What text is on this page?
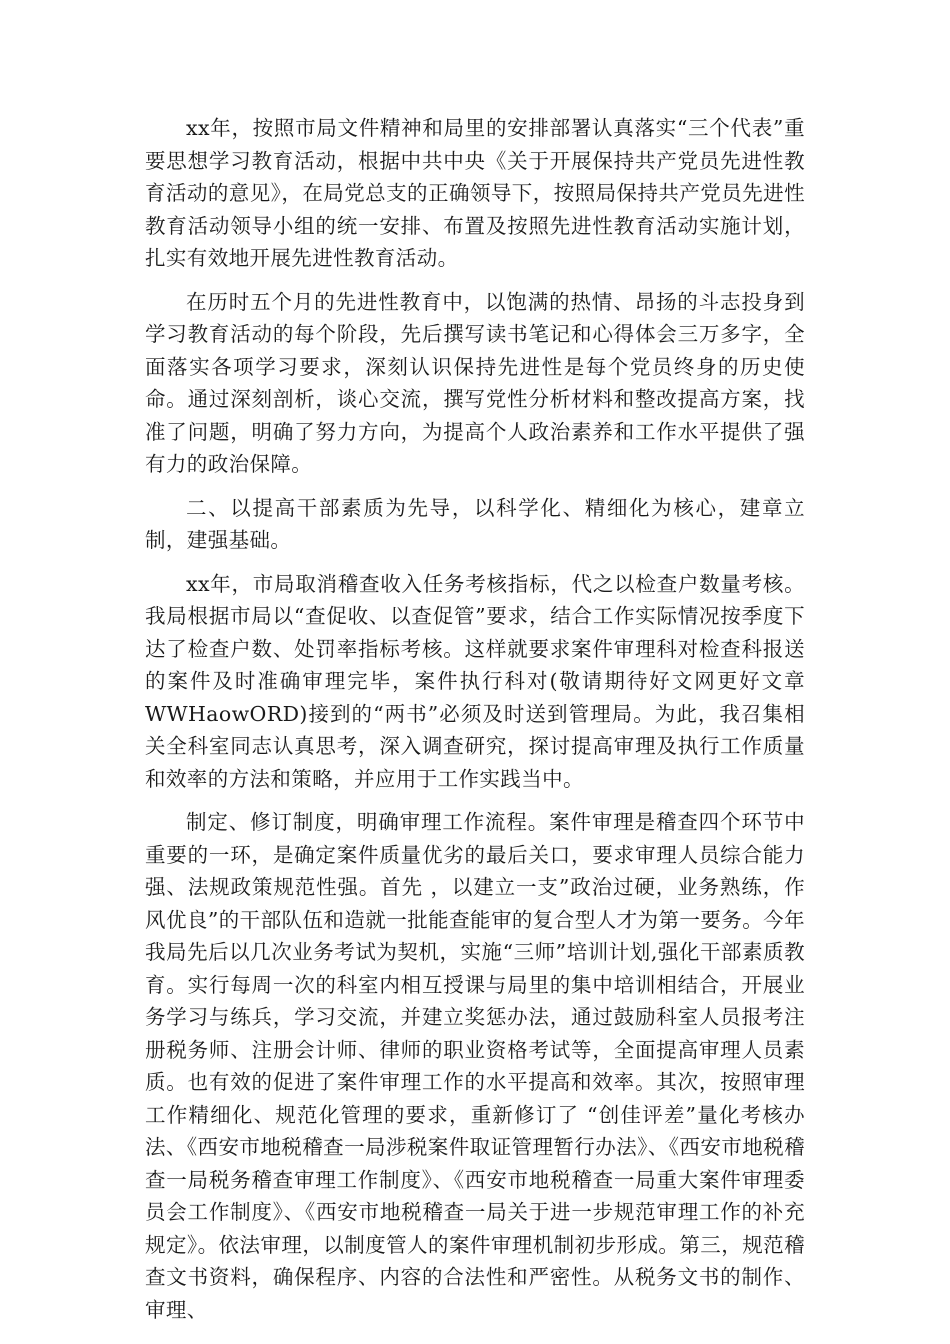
xx年，按照市局文件精神和局里的安排部署认真落实“三个代表”重要思想学习教育活动，根据中共中央《关于开展保持共产党员先进性教育活动的意见》，在局党总支的正确领导下，按照局保持共产党员先进性教育活动领导小组的统一安排、布置及按照先进性教育活动实施计划，扎实有效地开展先进性教育活动。

在历时五个月的先进性教育中，以饱满的热情、昂扬的斗志投身到学习教育活动的每个阶段，先后撰写读书笔记和心得体会三万多字，全面落实各项学习要求，深刻认识保持先进性是每个党员终身的历史使命。通过深刻剖析，谈心交流，撰写党性分析材料和整改提高方案，找准了问题，明确了努力方向，为提高个人政治素养和工作水平提供了强有力的政治保障。

二、以提高干部素质为先导，以科学化、精细化为核心，建章立制，建强基础。

xx年，市局取消稽查收入任务考核指标，代之以检查户数量考核。我局根据市局以“查促收、以查促管”要求，结合工作实际情况按季度下达了检查户数、处罚率指标考核。这样就要求案件审理科对检查科报送的案件及时准确审理完毕，案件执行科对(敬请期待好文网更好文章WWHaowORD)接到的“两书”必须及时送到管理局。为此，我召集相关全科室同志认真思考，深入调查研究，探讨提高审理及执行工作质量和效率的方法和策略，并应用于工作实践当中。

制定、修订制度，明确审理工作流程。案件审理是稽查四个环节中重要的一环，是确定案件质量优劣的最后关口，要求审理人员综合能力强、法规政策规范性强。首先 ，以建立一支”政治过硬，业务熟练，作风优良”的干部队伍和造就一批能查能审的复合型人才为第一要务。今年我局先后以几次业务考试为契机，实施“三师”培训计划,强化干部素质教育。实行每周一次的科室内相互授课与局里的集中培训相结合，开展业务学习与练兵，学习交流，并建立奖惩办法，通过鼓励科室人员报考注册税务师、注册会计师、律师的职业资格考试等，全面提高审理人员素质。也有效的促进了案件审理工作的水平提高和效率。其次，按照审理工作精细化、规范化管理的要求，重新修订了 “创佳评差”量化考核办法、《西安市地税稽查一局涉税案件取证管理暂行办法》、《西安市地税稽查一局税务稽查审理工作制度》、《西安市地税稽查一局重大案件审理委员会工作制度》、《西安市地税稽查一局关于进一步规范审理工作的补充规定》。依法审理，以制度管人的案件审理机制初步形成。第三，规范稽查文书资料，确保程序、内容的合法性和严密性。从税务文书的制作、审理、
